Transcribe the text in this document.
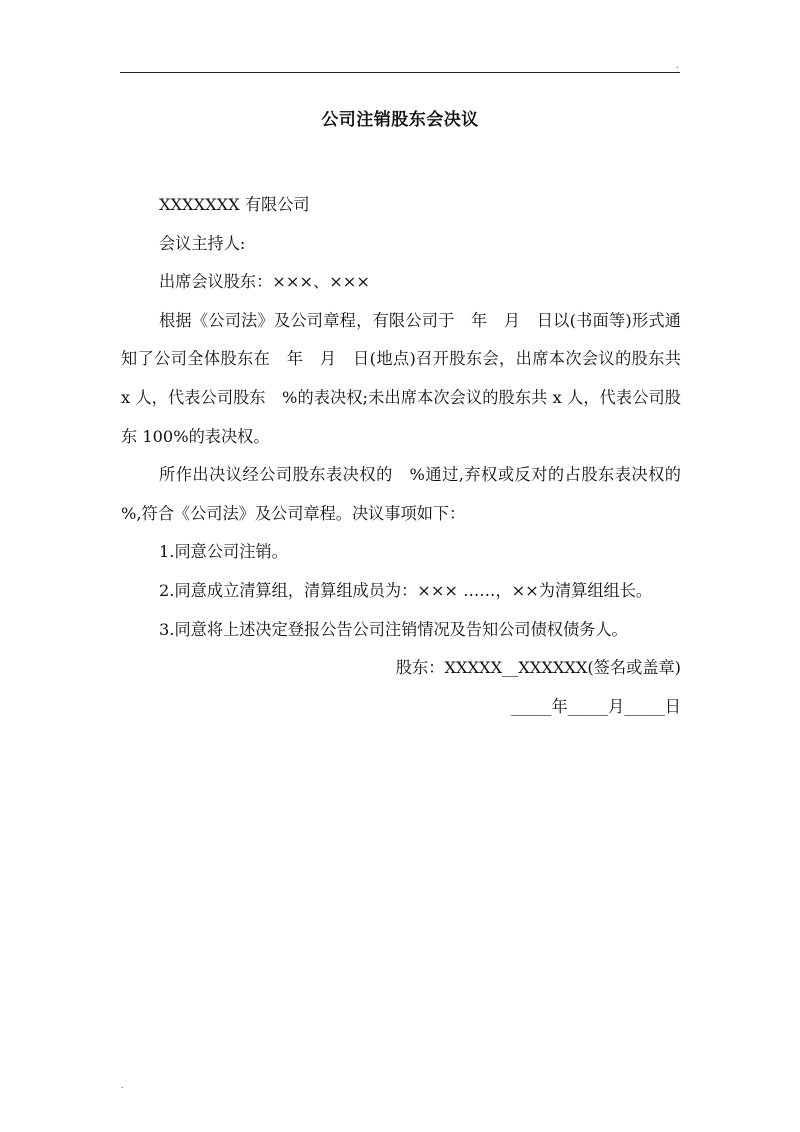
.
公司注销股东会决议

XXXXXXX 有限公司

会议主持人:

出席会议股东：×××、×××

根据《公司法》及公司章程，有限公司于　年　月　日以(书面等)形式通知了公司全体股东在　年　月　日(地点)召开股东会，出席本次会议的股东共 x 人，代表公司股东　%的表决权;未出席本次会议的股东共 x 人，代表公司股东 100%的表决权。

所作出决议经公司股东表决权的　%通过,弃权或反对的占股东表决权的　%,符合《公司法》及公司章程。决议事项如下：

1.同意公司注销。

2.同意成立清算组，清算组成员为：××× ……，××为清算组组长。

3.同意将上述决定登报公告公司注销情况及告知公司债权债务人。

股东：XXXXX__XXXXXX(签名或盖章)

_____年_____月_____日

.
